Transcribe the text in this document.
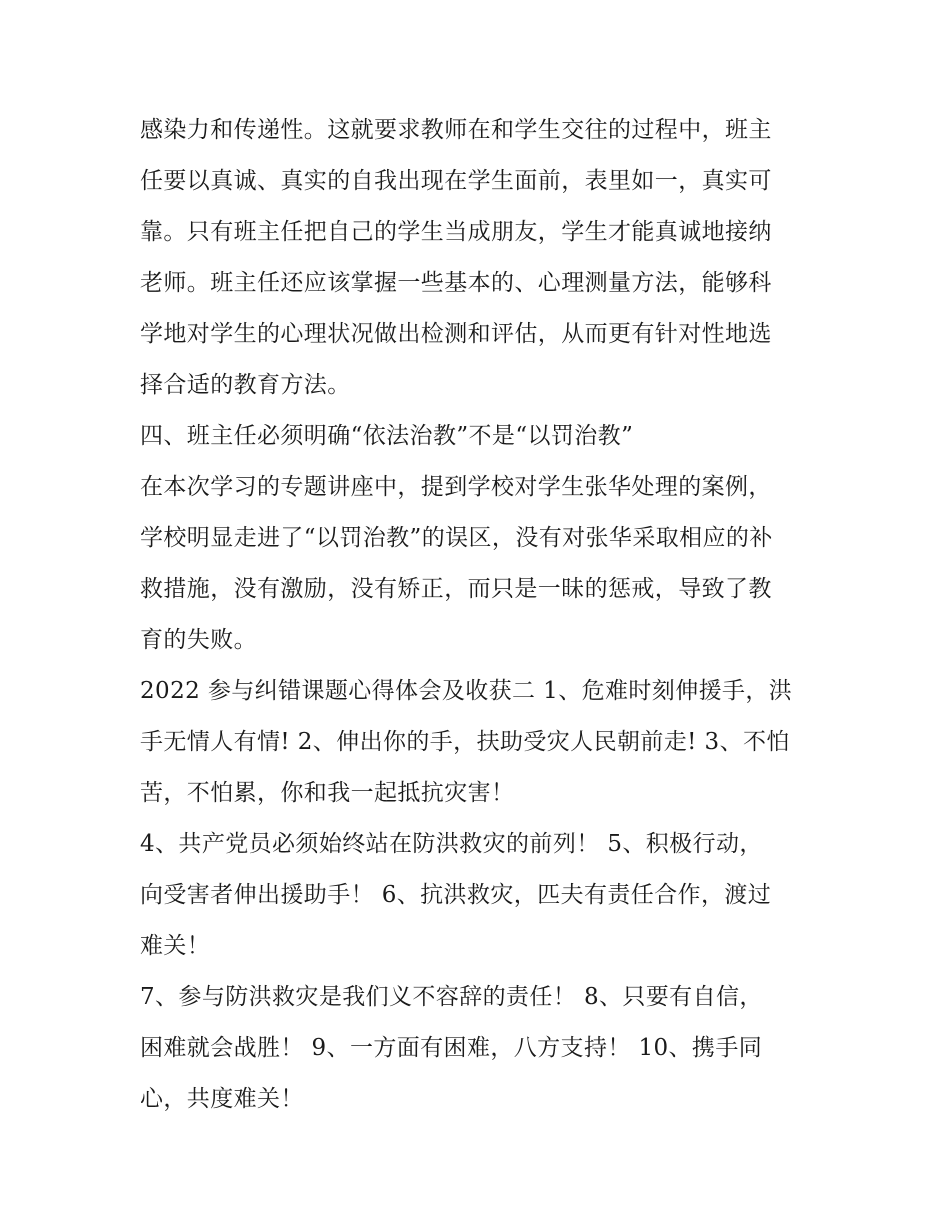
感染力和传递性。这就要求教师在和学生交往的过程中，班主
任要以真诚、真实的自我出现在学生面前，表里如一，真实可
靠。只有班主任把自己的学生当成朋友，学生才能真诚地接纳
老师。班主任还应该掌握一些基本的、心理测量方法，能够科
学地对学生的心理状况做出检测和评估，从而更有针对性地选
择合适的教育方法。
四、班主任必须明确“依法治教”不是“以罚治教”
在本次学习的专题讲座中，提到学校对学生张华处理的案例，
学校明显走进了“以罚治教”的误区，没有对张华采取相应的补
救措施，没有激励，没有矫正，而只是一昧的惩戒，导致了教
育的失败。
2022 参与纠错课题心得体会及收获二 1、危难时刻伸援手，洪
手无情人有情! 2、伸出你的手，扶助受灾人民朝前走! 3、不怕
苦，不怕累，你和我一起抵抗灾害！
4、共产党员必须始终站在防洪救灾的前列！ 5、积极行动，
向受害者伸出援助手！ 6、抗洪救灾，匹夫有责任合作，渡过
难关！
7、参与防洪救灾是我们义不容辞的责任！ 8、只要有自信，
困难就会战胜！ 9、一方面有困难，八方支持！ 10、携手同
心，共度难关！
